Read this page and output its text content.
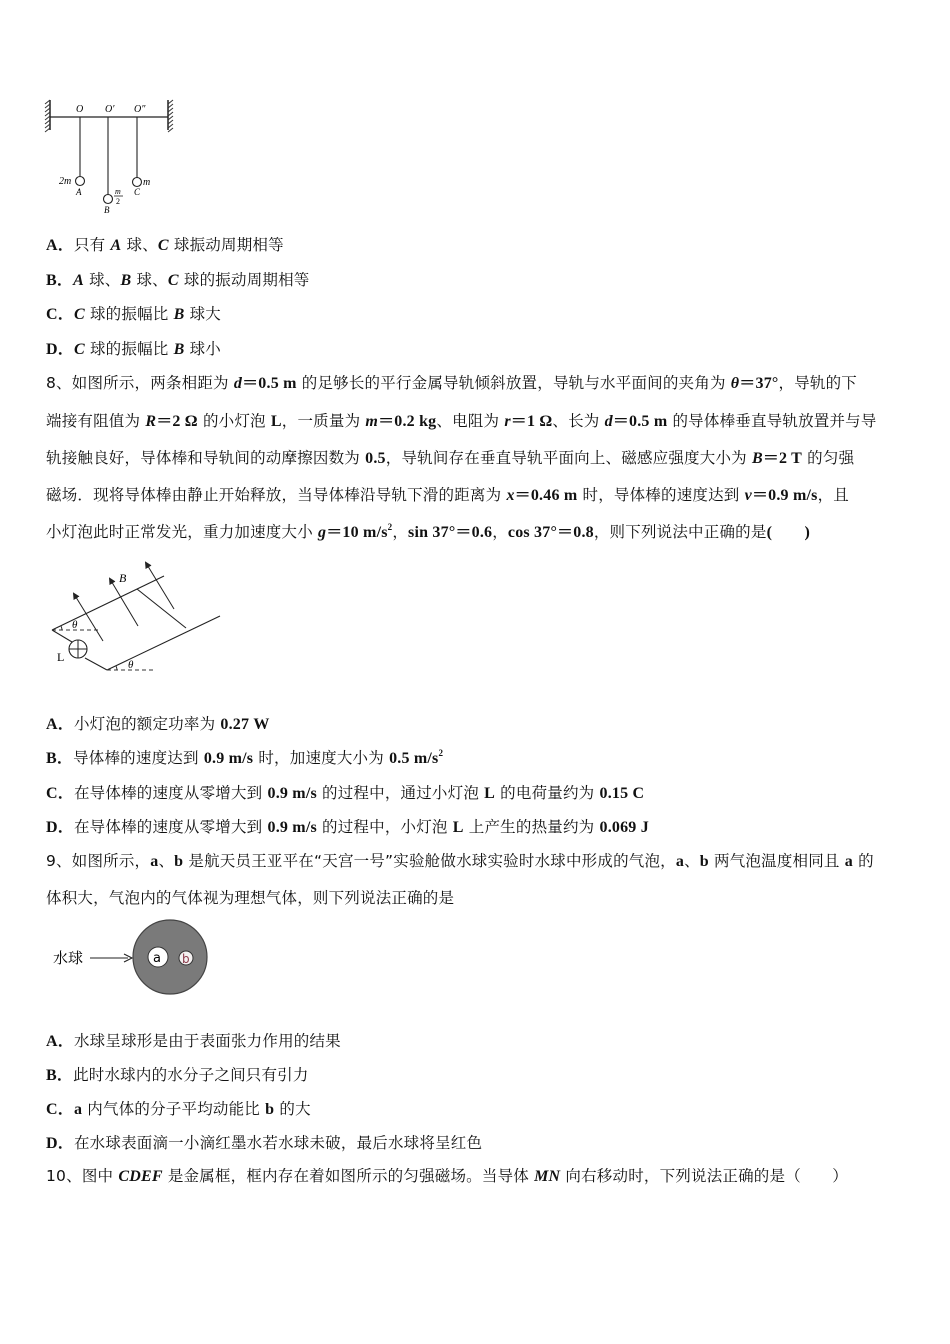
O O′ O″
2m
A	m
2
B
m
C
A．只有 A 球、C 球振动周期相等
B．A 球、B 球、C 球的振动周期相等
C．C 球的振幅比 B 球大
D．C 球的振幅比 B 球小
8、如图所示，两条相距为 d＝0.5 m 的足够长的平行金属导轨倾斜放置，导轨与水平面间的夹角为 θ＝37°，导轨的下
端接有阻值为 R＝2 Ω 的小灯泡 L，一质量为 m＝0.2 kg、电阻为 r＝1 Ω、长为 d＝0.5 m 的导体棒垂直导轨放置并与导
轨接触良好，导体棒和导轨间的动摩擦因数为 0.5，导轨间存在垂直导轨平面向上、磁感应强度大小为 B＝2 T 的匀强
磁场．现将导体棒由静止开始释放，当导体棒沿导轨下滑的距离为 x＝0.46 m 时，导体棒的速度达到 v＝0.9 m/s，且
小灯泡此时正常发光，重力加速度大小 g＝10 $m/s^2$，sin 37°＝0.6，cos 37°＝0.8，则下列说法中正确的是(　　)
L
θ
θ
B
A．小灯泡的额定功率为 0.27 W
B．导体棒的速度达到 0.9 m/s 时，加速度大小为 0.5 $m/s^2$
C．在导体棒的速度从零增大到 0.9 m/s 的过程中，通过小灯泡 L 的电荷量约为 0.15 C
D．在导体棒的速度从零增大到 0.9 m/s 的过程中，小灯泡 L 上产生的热量约为 0.069 J
9、如图所示，a、b 是航天员王亚平在“天宫一号”实验舱做水球实验时水球中形成的气泡，a、b 两气泡温度相同且 a 的
体积大，气泡内的气体视为理想气体，则下列说法正确的是
水球	a b
A．水球呈球形是由于表面张力作用的结果
B．此时水球内的水分子之间只有引力
C．a 内气体的分子平均动能比 b 的大
D．在水球表面滴一小滴红墨水若水球未破，最后水球将呈红色
10、图中 CDEF 是金属框，框内存在着如图所示的匀强磁场。当导体 MN 向右移动时，下列说法正确的是（　　）
